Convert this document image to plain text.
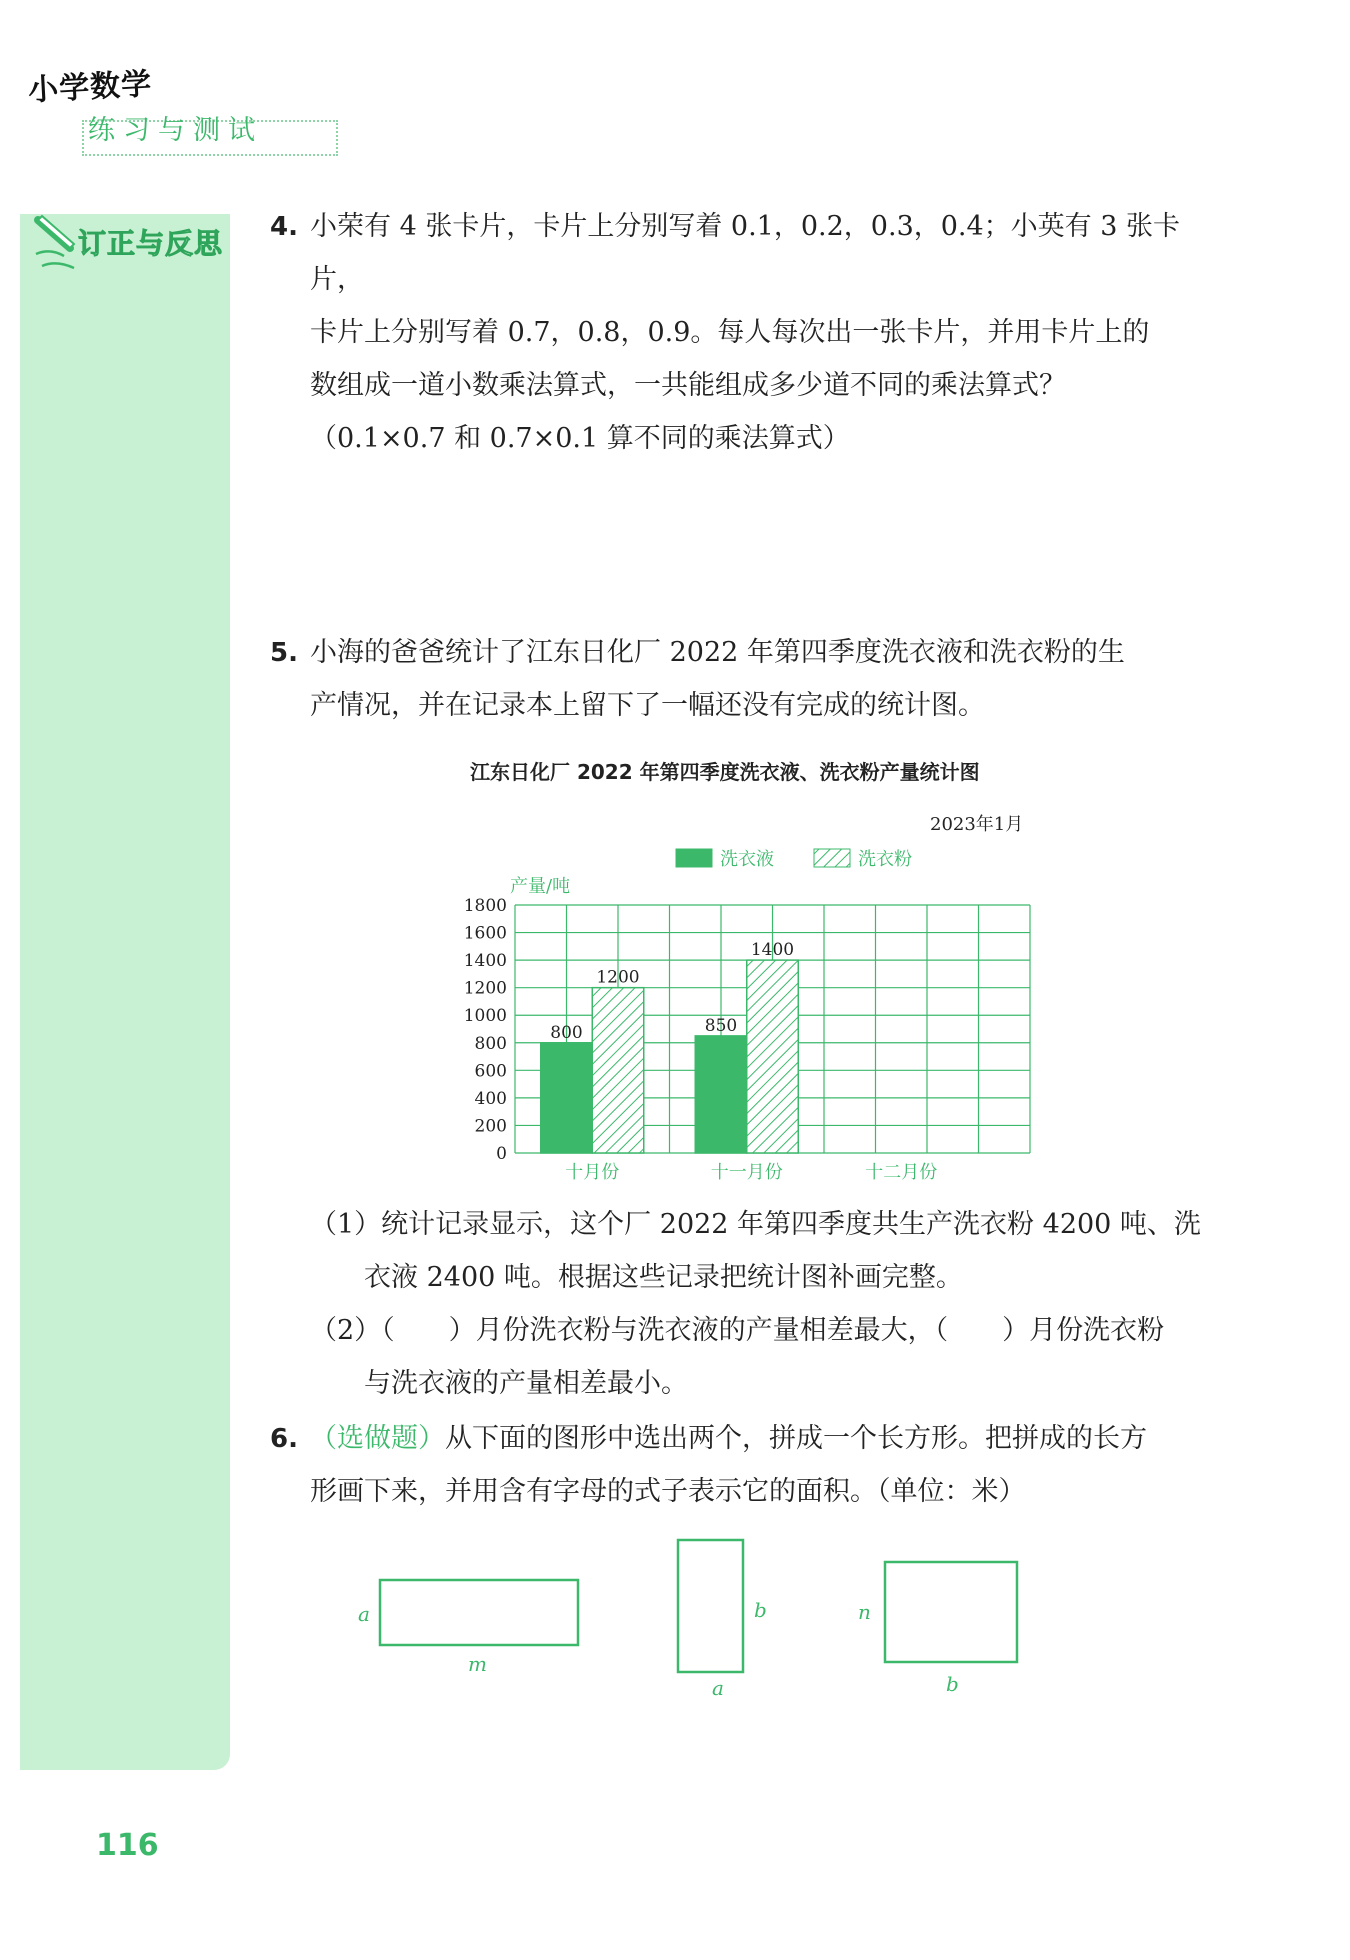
小学数学
练习与测试
订正与反思 4. 小荣有 4 张卡片，卡片上分别写着 0.1，0.2，0.3，0.4；小英有 3 张卡片，
卡片上分别写着 0.7，0.8，0.9。每人每次出一张卡片，并用卡片上的
数组成一道小数乘法算式，一共能组成多少道不同的乘法算式？
（0.1×0.7 和 0.7×0.1 算不同的乘法算式）
5. 小海的爸爸统计了江东日化厂 2022 年第四季度洗衣液和洗衣粉的生
产情况，并在记录本上留下了一幅还没有完成的统计图。
江东日化厂 2022 年第四季度洗衣液、洗衣粉产量统计图
2023年1月
洗衣液	洗衣粉
产量/吨
0
200
400
600
800
1000
1200
1400
1600
1800
800
1200
850
1400
十月份	十一月份	十二月份
（1）统计记录显示，这个厂 2022 年第四季度共生产洗衣粉 4200 吨、洗
衣液 2400 吨。根据这些记录把统计图补画完整。
（2）（　　）月份洗衣粉与洗衣液的产量相差最大，（　　）月份洗衣粉
与洗衣液的产量相差最小。
6. （选做题）从下面的图形中选出两个，拼成一个长方形。把拼成的长方
形画下来，并用含有字母的式子表示它的面积。（单位：米）
a
m
b
a
n
b
116
